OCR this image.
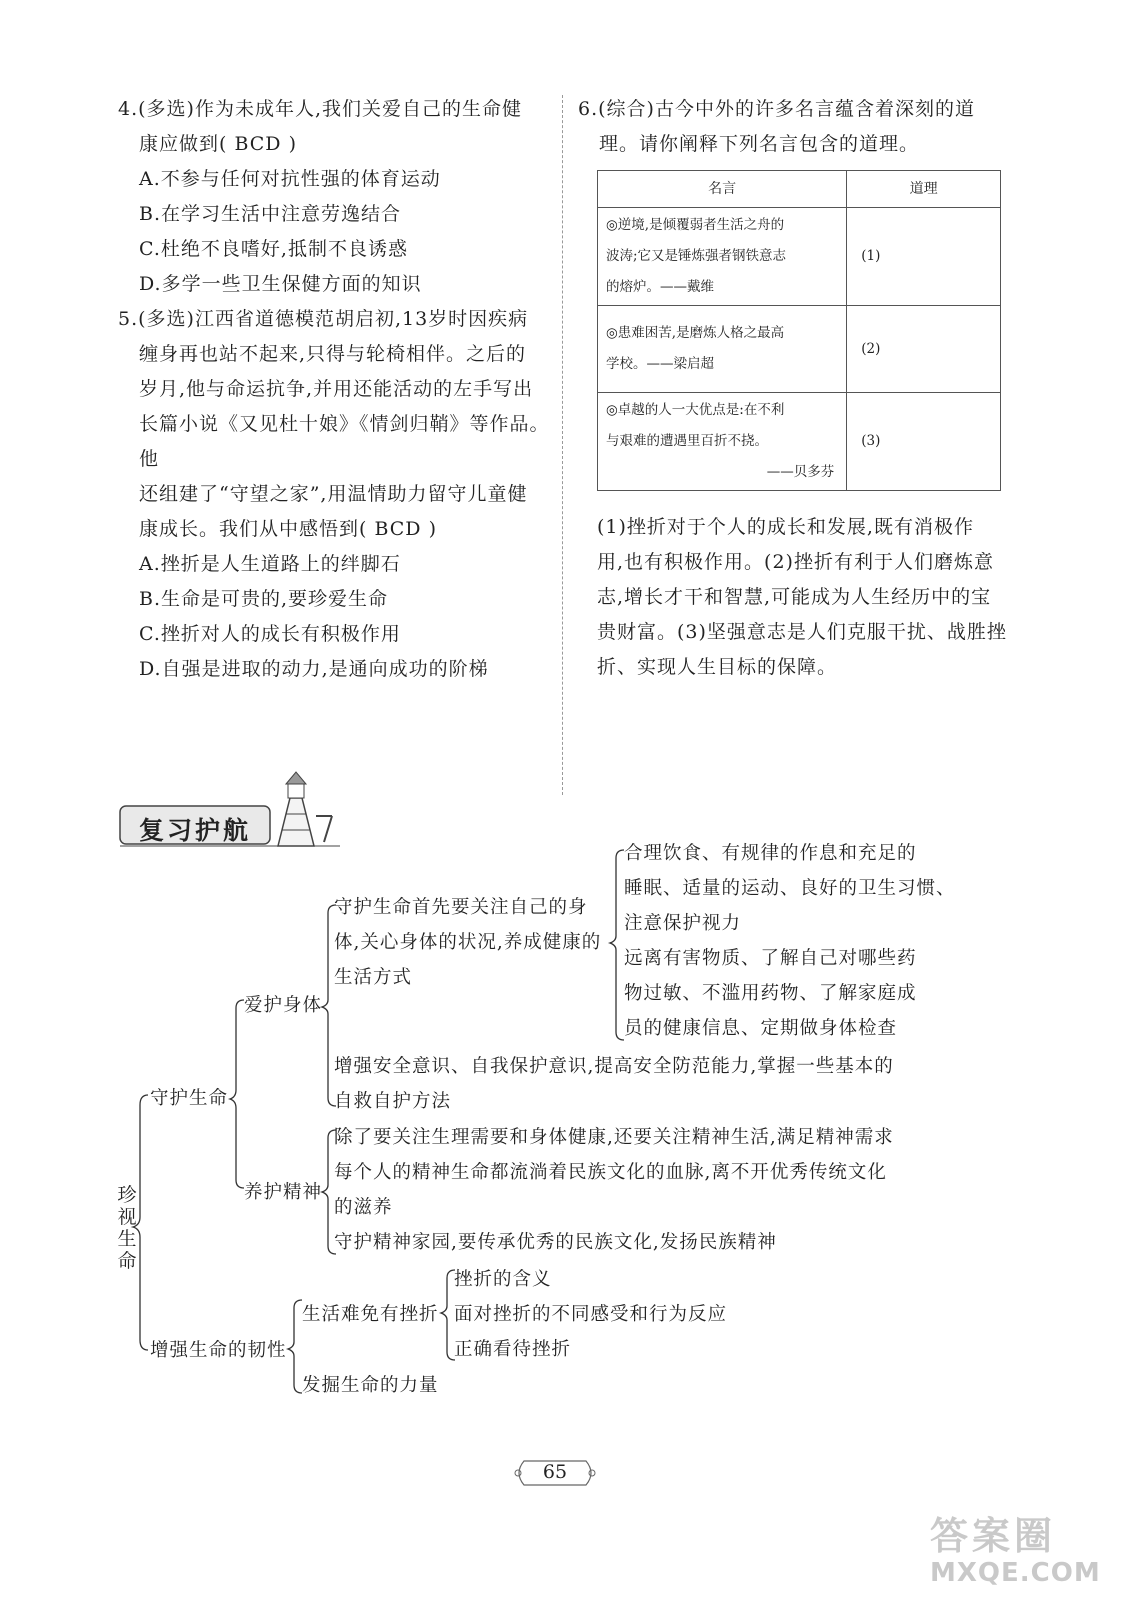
4.(多选)作为未成年人,我们关爱自己的生命健
康应做到( BCD )
A.不参与任何对抗性强的体育运动
B.在学习生活中注意劳逸结合
C.杜绝不良嗜好,抵制不良诱惑
D.多学一些卫生保健方面的知识
5.(多选)江西省道德模范胡启初,13岁时因疾病
缠身再也站不起来,只得与轮椅相伴。之后的
岁月,他与命运抗争,并用还能活动的左手写出
长篇小说《又见杜十娘》《情剑归鞘》等作品。他
还组建了“守望之家”,用温情助力留守儿童健
康成长。我们从中感悟到( BCD )
A.挫折是人生道路上的绊脚石
B.生命是可贵的,要珍爱生命
C.挫折对人的成长有积极作用
D.自强是进取的动力,是通向成功的阶梯
6.(综合)古今中外的许多名言蕴含着深刻的道
理。请你阐释下列名言包含的道理。
名言	道理

◎逆境,是倾覆弱者生活之舟的
波涛;它又是锤炼强者钢铁意志
的熔炉。——戴维	(1)

◎患难困苦,是磨炼人格之最高
学校。——梁启超	(2)

◎卓越的人一大优点是:在不利
与艰难的遭遇里百折不挠。
——贝多芬	(3)
(1)挫折对于个人的成长和发展,既有消极作
用,也有积极作用。(2)挫折有利于人们磨炼意
志,增长才干和智慧,可能成为人生经历中的宝
贵财富。(3)坚强意志是人们克服干扰、战胜挫
折、实现人生目标的保障。
复习护航
珍
视
生
命
守护生命
爱护身体
守护生命首先要关注自己的身
体,关心身体的状况,养成健康的
生活方式
合理饮食、有规律的作息和充足的
睡眠、适量的运动、良好的卫生习惯、
注意保护视力
远离有害物质、了解自己对哪些药
物过敏、不滥用药物、了解家庭成
员的健康信息、定期做身体检查
增强安全意识、自我保护意识,提高安全防范能力,掌握一些基本的
自救自护方法
养护精神
除了要关注生理需要和身体健康,还要关注精神生活,满足精神需求
每个人的精神生命都流淌着民族文化的血脉,离不开优秀传统文化
的滋养
守护精神家园,要传承优秀的民族文化,发扬民族精神
增强生命的韧性
生活难免有挫折
挫折的含义
面对挫折的不同感受和行为反应
正确看待挫折
发掘生命的力量
65
答案圈
MXQE.COM
